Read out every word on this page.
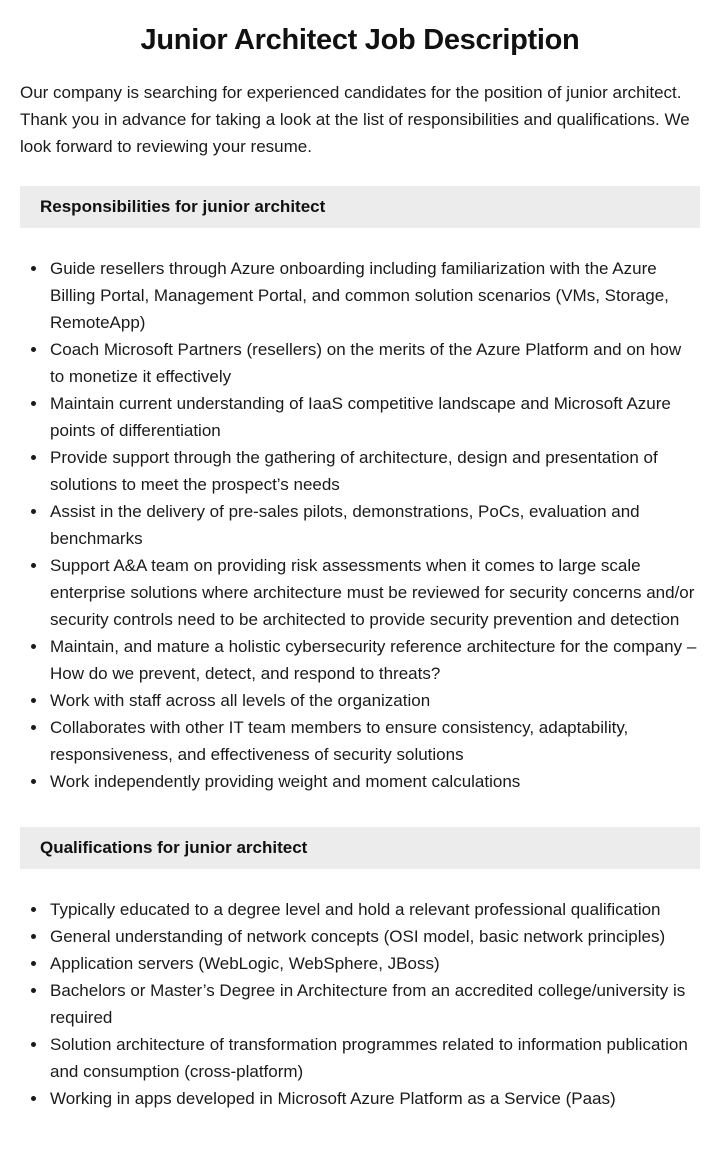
Junior Architect Job Description

Our company is searching for experienced candidates for the position of junior architect. Thank you in advance for taking a look at the list of responsibilities and qualifications. We look forward to reviewing your resume.

Responsibilities for junior architect
• Guide resellers through Azure onboarding including familiarization with the Azure Billing Portal, Management Portal, and common solution scenarios (VMs, Storage, RemoteApp)
• Coach Microsoft Partners (resellers) on the merits of the Azure Platform and on how to monetize it effectively
• Maintain current understanding of IaaS competitive landscape and Microsoft Azure points of differentiation
• Provide support through the gathering of architecture, design and presentation of solutions to meet the prospect’s needs
• Assist in the delivery of pre-sales pilots, demonstrations, PoCs, evaluation and benchmarks
• Support A&A team on providing risk assessments when it comes to large scale enterprise solutions where architecture must be reviewed for security concerns and/or security controls need to be architected to provide security prevention and detection
• Maintain, and mature a holistic cybersecurity reference architecture for the company – How do we prevent, detect, and respond to threats?
• Work with staff across all levels of the organization
• Collaborates with other IT team members to ensure consistency, adaptability, responsiveness, and effectiveness of security solutions
• Work independently providing weight and moment calculations
Qualifications for junior architect
• Typically educated to a degree level and hold a relevant professional qualification
• General understanding of network concepts (OSI model, basic network principles)
• Application servers (WebLogic, WebSphere, JBoss)
• Bachelors or Master’s Degree in Architecture from an accredited college/university is required
• Solution architecture of transformation programmes related to information publication and consumption (cross-platform)
• Working in apps developed in Microsoft Azure Platform as a Service (Paas)
